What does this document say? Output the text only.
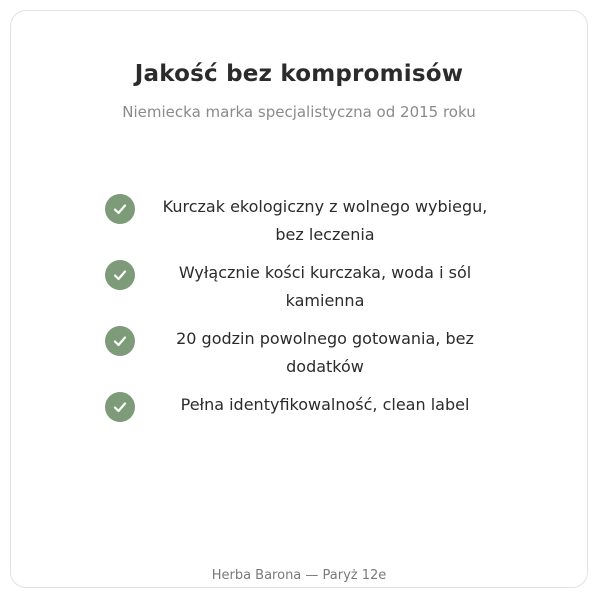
Jakość bez kompromisów
Niemiecka marka specjalistyczna od 2015 roku
Kurczak ekologiczny z wolnego wybiegu, bez leczenia
Wyłącznie kości kurczaka, woda i sól kamienna
20 godzin powolnego gotowania, bez dodatków
Pełna identyfikowalność, clean label
Herba Barona — Paryż 12e
